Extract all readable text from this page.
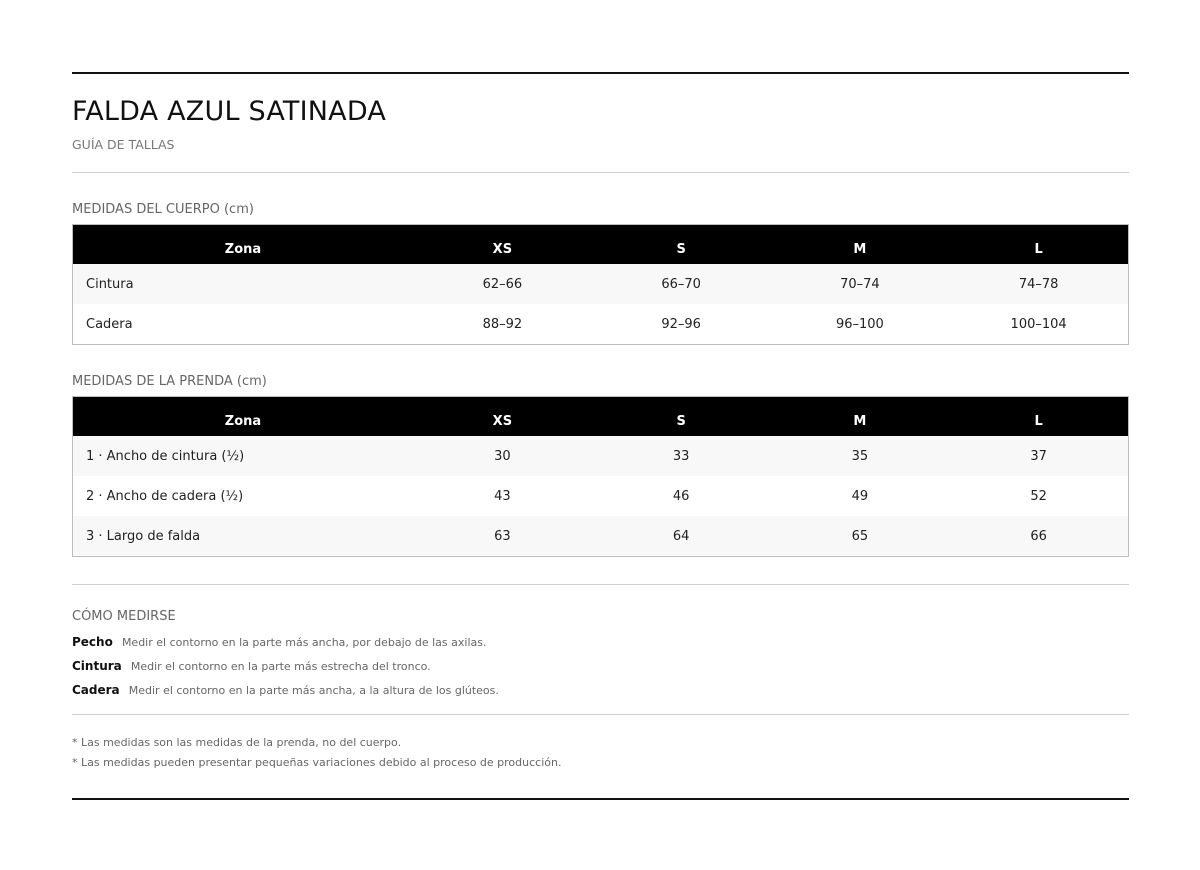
FALDA AZUL SATINADA
GUÍA DE TALLAS
MEDIDAS DEL CUERPO (cm)
Zona	XS	S	M	L
Cintura	62–66	66–70	70–74	74–78
Cadera	88–92	92–96	96–100	100–104
MEDIDAS DE LA PRENDA (cm)
Zona	XS	S	M	L
1 · Ancho de cintura (½)	30	33	35	37
2 · Ancho de cadera (½)	43	46	49	52
3 · Largo de falda	63	64	65	66
CÓMO MEDIRSE
Pecho Medir el contorno en la parte más ancha, por debajo de las axilas.
Cintura Medir el contorno en la parte más estrecha del tronco.
Cadera Medir el contorno en la parte más ancha, a la altura de los glúteos.
* Las medidas son las medidas de la prenda, no del cuerpo.
* Las medidas pueden presentar pequeñas variaciones debido al proceso de producción.
